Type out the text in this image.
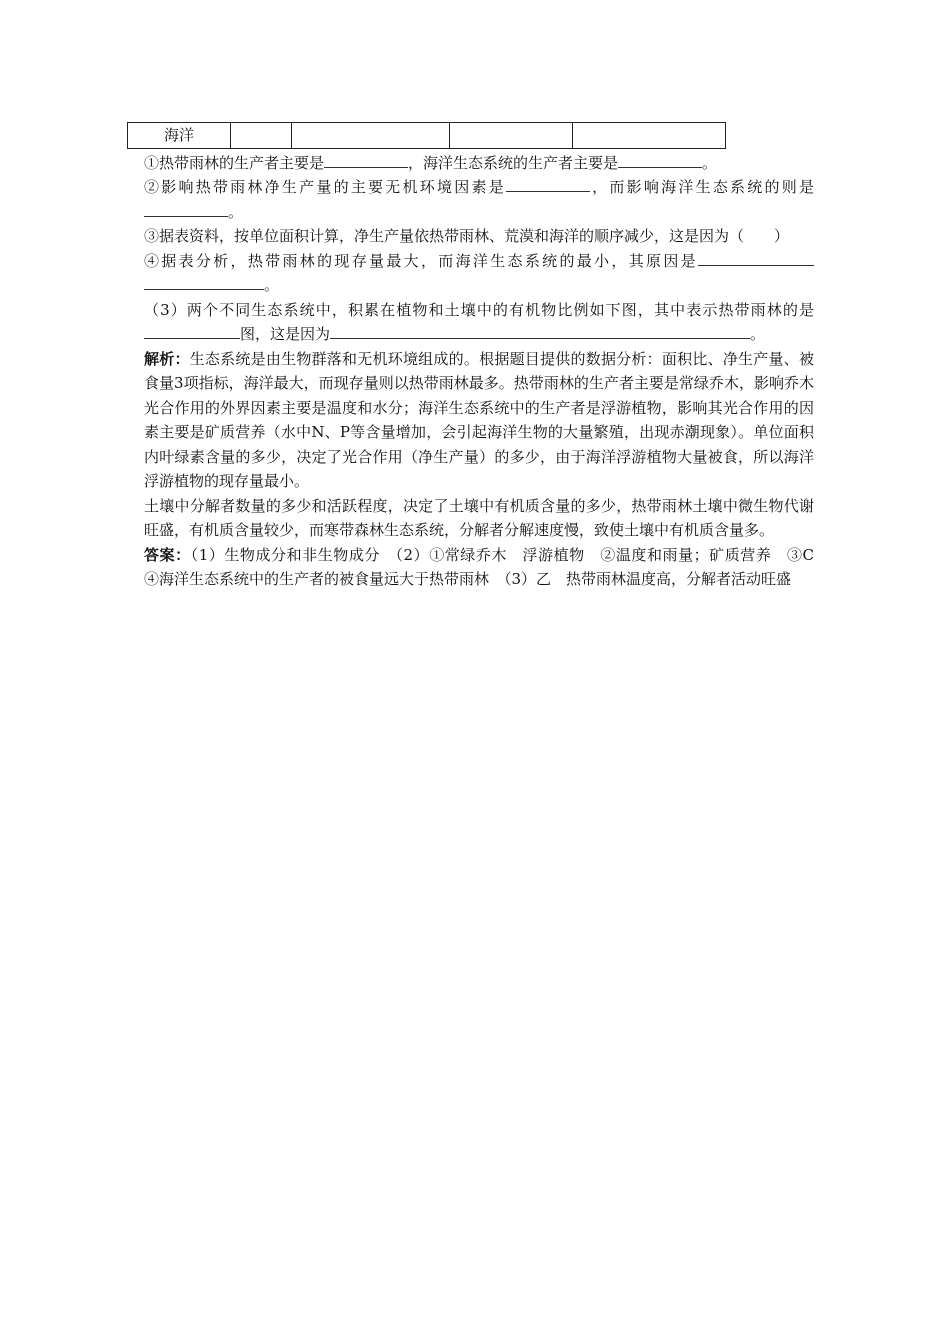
海洋				

①热带雨林的生产者主要是	，海洋生态系统的生产者主要是	。

②影响热带雨林净生产量的主要无机环境因素是	，而影响海洋生态系统的则是。

③据表资料，按单位面积计算，净生产量依热带雨林、荒漠和海洋的顺序减少，这是因为（　　）

④据表分析，热带雨林的现存量最大，而海洋生态系统的最小，其原因是。

（3）两个不同生态系统中，积累在植物和土壤中的有机物比例如下图，其中表示热带雨林的是图，这是因为	。

解析：生态系统是由生物群落和无机环境组成的。根据题目提供的数据分析：面积比、净生产量、被食量3项指标，海洋最大，而现存量则以热带雨林最多。热带雨林的生产者主要是常绿乔木，影响乔木光合作用的外界因素主要是温度和水分；海洋生态系统中的生产者是浮游植物，影响其光合作用的因素主要是矿质营养（水中N、P等含量增加，会引起海洋生物的大量繁殖，出现赤潮现象）。单位面积内叶绿素含量的多少，决定了光合作用（净生产量）的多少，由于海洋浮游植物大量被食，所以海洋浮游植物的现存量最小。

土壤中分解者数量的多少和活跃程度，决定了土壤中有机质含量的多少，热带雨林土壤中微生物代谢旺盛，有机质含量较少，而寒带森林生态系统，分解者分解速度慢，致使土壤中有机质含量多。

答案：（1）生物成分和非生物成分　（2）①常绿乔木　浮游植物　②温度和雨量；矿质营养　③C　④海洋生态系统中的生产者的被食量远大于热带雨林　（3）乙　热带雨林温度高，分解者活动旺盛
